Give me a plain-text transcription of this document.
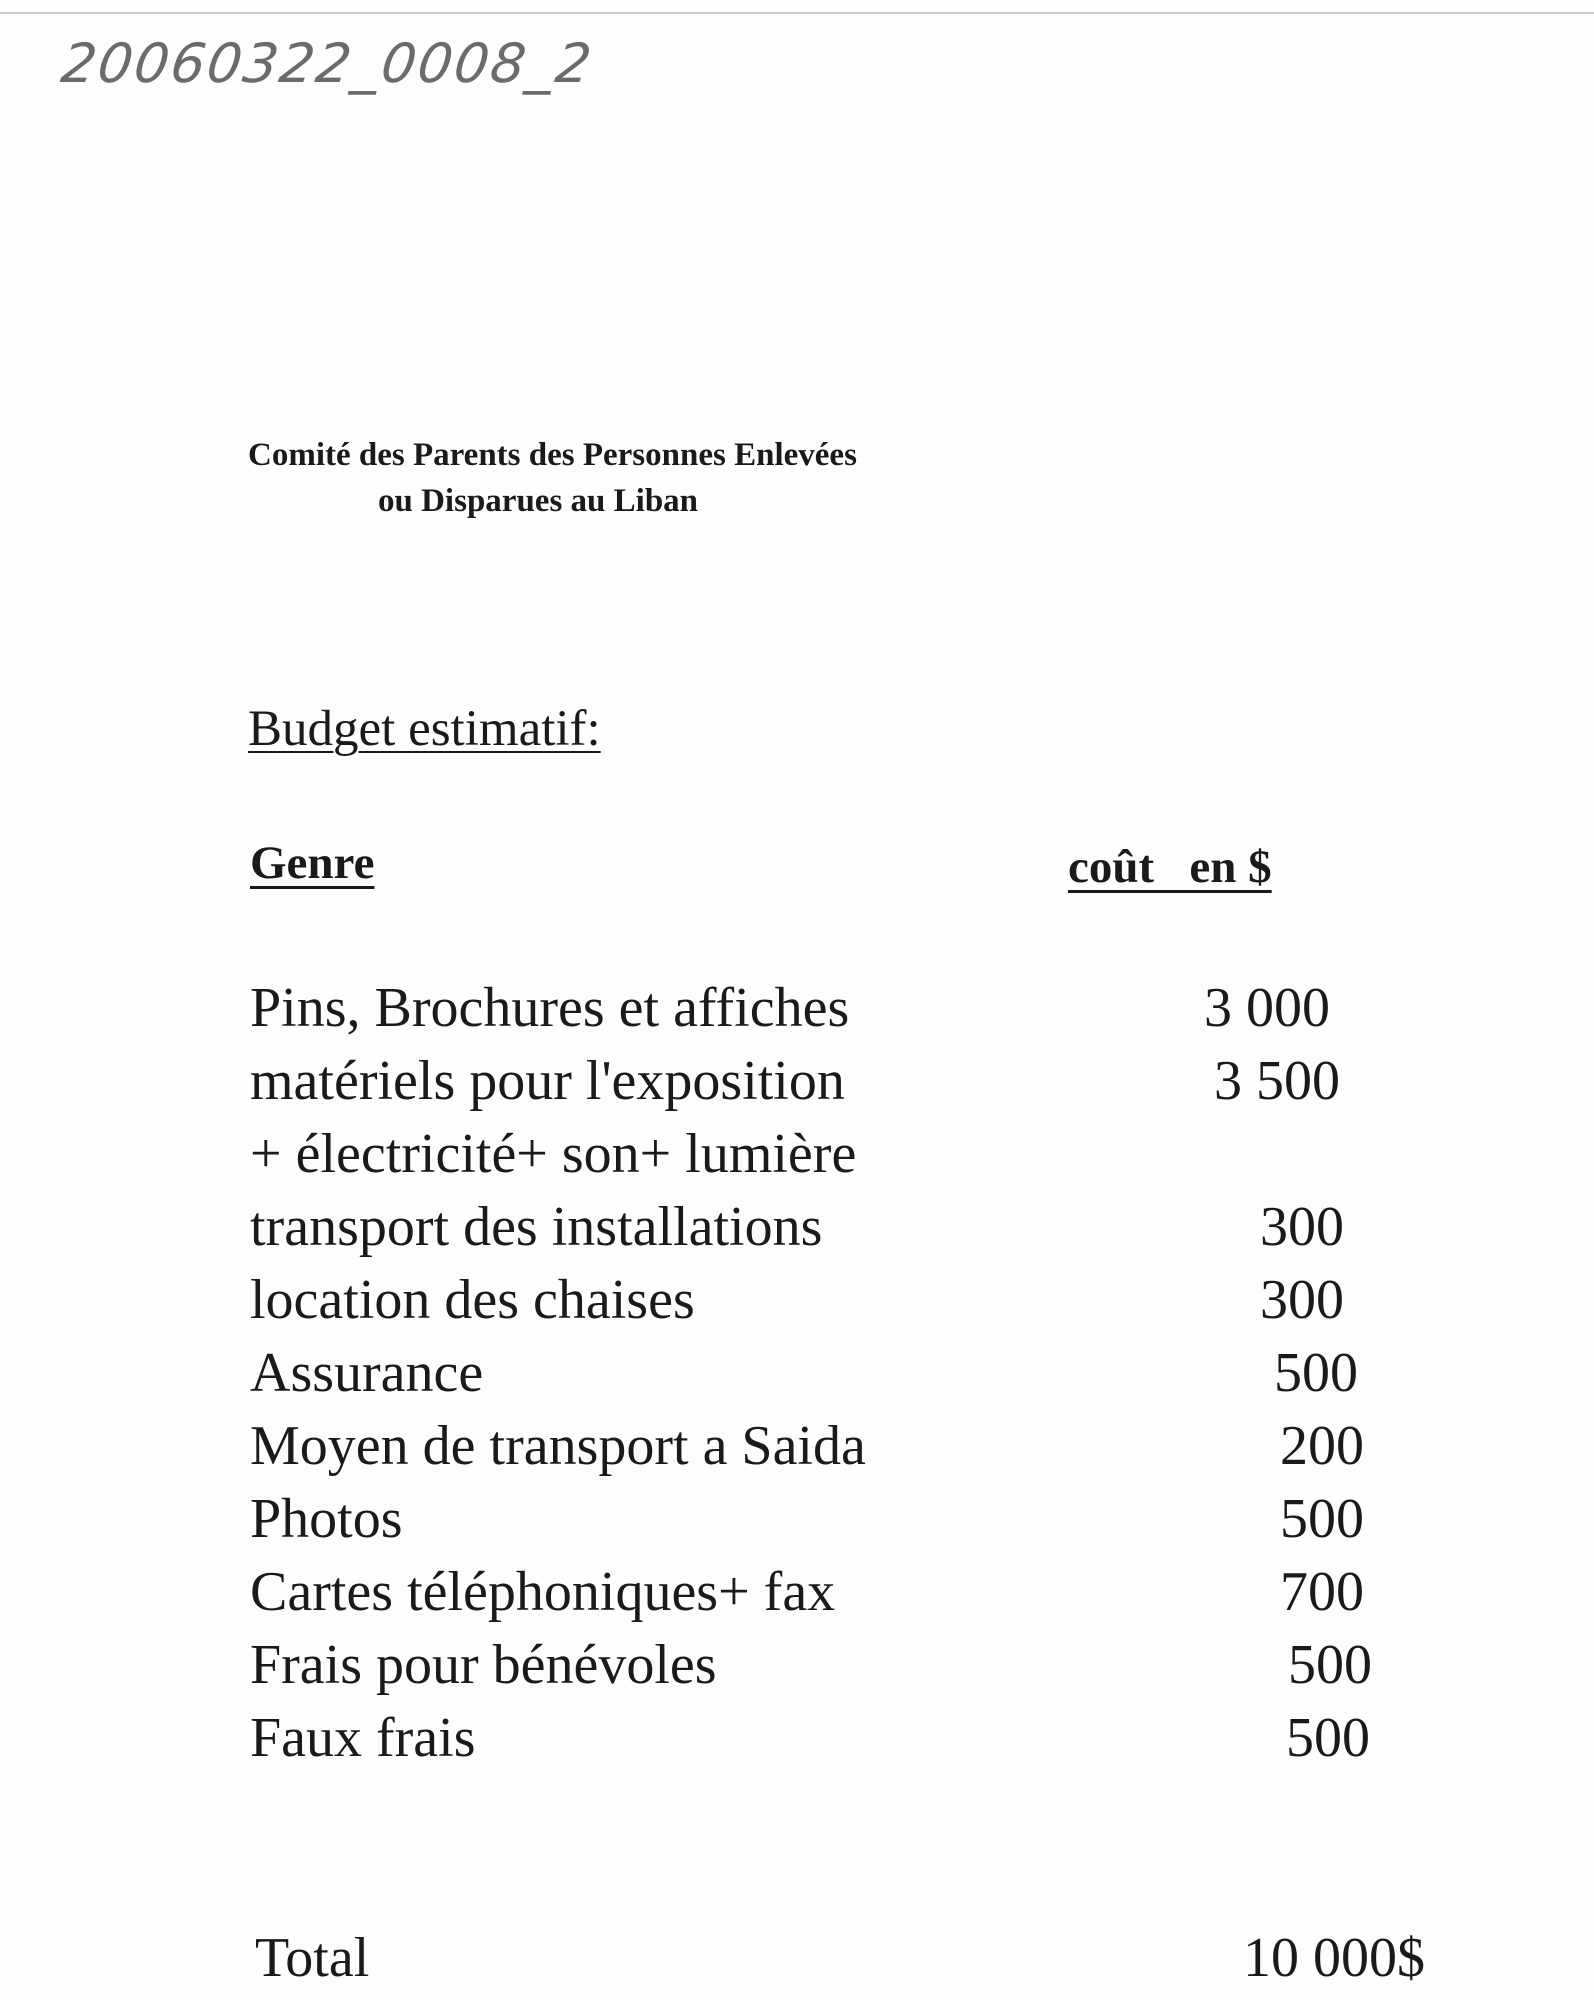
20060322_0008_2
Comité des Parents des Personnes Enlevées
ou Disparues au Liban
Budget estimatif:
Genre	coût   en $
Pins, Brochures et affiches	3 000
matériels pour l'exposition	3 500
+ électricité+ son+ lumière
transport des installations	300
location des chaises	300
Assurance	500
Moyen de transport a Saida	200
Photos	500
Cartes téléphoniques+ fax	700
Frais pour bénévoles	500
Faux frais	500
Total	10 000$
